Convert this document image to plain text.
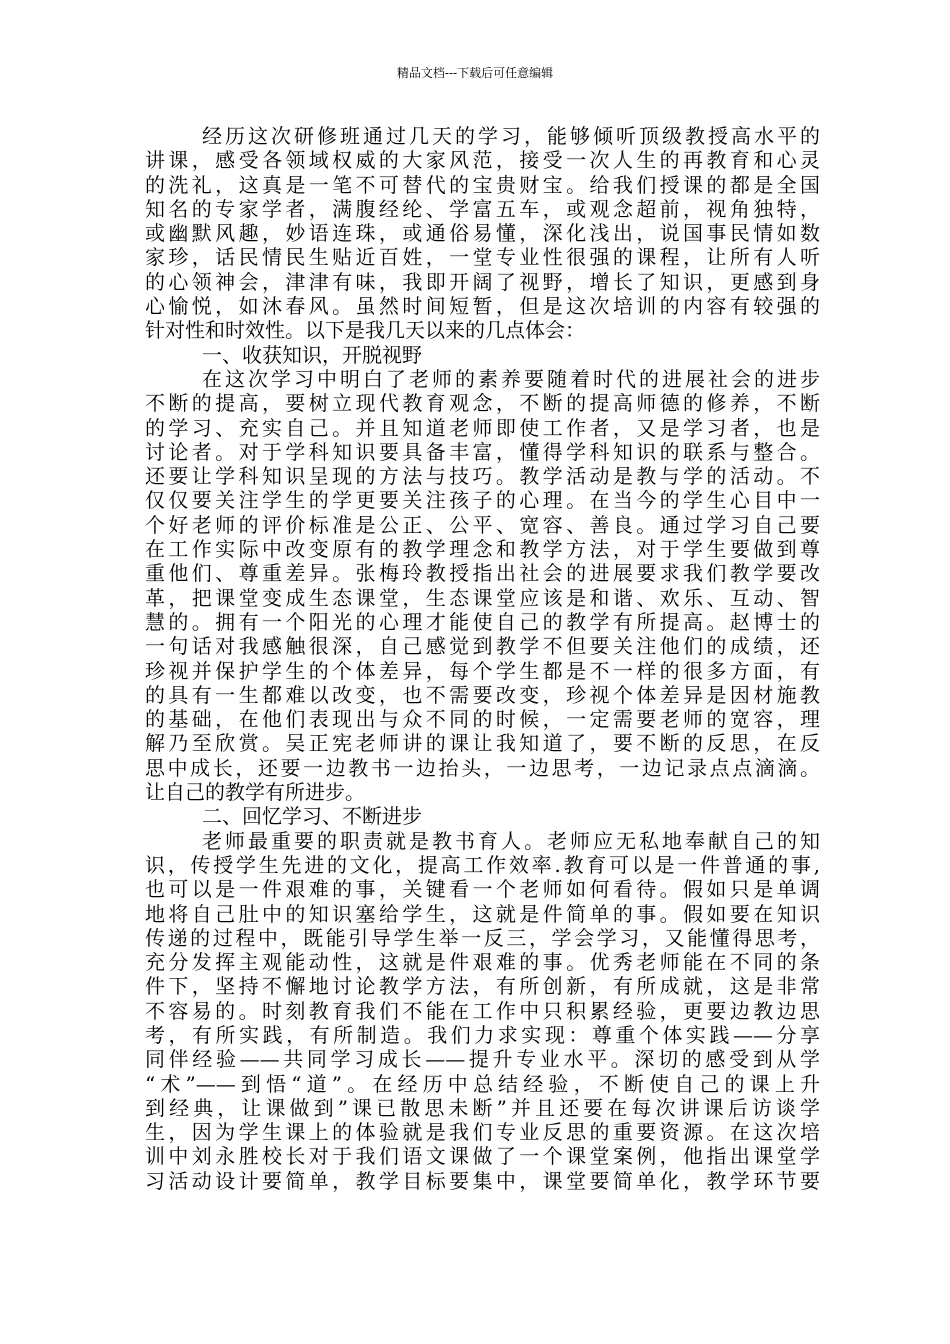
精品文档---下载后可任意编辑
经历这次研修班通过几天的学习，能够倾听顶级教授高水平的
讲课，感受各领域权威的大家风范，接受一次人生的再教育和心灵
的洗礼，这真是一笔不可替代的宝贵财宝。给我们授课的都是全国
知名的专家学者，满腹经纶、学富五车，或观念超前，视角独特，
或幽默风趣，妙语连珠，或通俗易懂，深化浅出，说国事民情如数
家珍，话民情民生贴近百姓，一堂专业性很强的课程，让所有人听
的心领神会，津津有味，我即开阔了视野，增长了知识，更感到身
心愉悦，如沐春风。虽然时间短暂，但是这次培训的内容有较强的
针对性和时效性。以下是我几天以来的几点体会：
一、收获知识，开脱视野
在这次学习中明白了老师的素养要随着时代的进展社会的进步
不断的提高，要树立现代教育观念，不断的提高师德的修养，不断
的学习、充实自己。并且知道老师即使工作者，又是学习者，也是
讨论者。对于学科知识要具备丰富，懂得学科知识的联系与整合。
还要让学科知识呈现的方法与技巧。教学活动是教与学的活动。不
仅仅要关注学生的学更要关注孩子的心理。在当今的学生心目中一
个好老师的评价标准是公正、公平、宽容、善良。通过学习自己要
在工作实际中改变原有的教学理念和教学方法，对于学生要做到尊
重他们、尊重差异。张梅玲教授指出社会的进展要求我们教学要改
革，把课堂变成生态课堂，生态课堂应该是和谐、欢乐、互动、智
慧的。拥有一个阳光的心理才能使自己的教学有所提高。赵博士的
一句话对我感触很深，自己感觉到教学不但要关注他们的成绩，还
珍视并保护学生的个体差异，每个学生都是不一样的很多方面，有
的具有一生都难以改变，也不需要改变，珍视个体差异是因材施教
的基础，在他们表现出与众不同的时候，一定需要老师的宽容，理
解乃至欣赏。吴正宪老师讲的课让我知道了，要不断的反思，在反
思中成长，还要一边教书一边抬头，一边思考，一边记录点点滴滴。
让自己的教学有所进步。
二、回忆学习、不断进步
老师最重要的职责就是教书育人。老师应无私地奉献自己的知
识，传授学生先进的文化，提高工作效率.教育可以是一件普通的事,
也可以是一件艰难的事，关键看一个老师如何看待。假如只是单调
地将自己肚中的知识塞给学生，这就是件简单的事。假如要在知识
传递的过程中，既能引导学生举一反三，学会学习，又能懂得思考，
充分发挥主观能动性，这就是件艰难的事。优秀老师能在不同的条
件下，坚持不懈地讨论教学方法，有所创新，有所成就，这是非常
不容易的。时刻教育我们不能在工作中只积累经验，更要边教边思
考，有所实践，有所制造。我们力求实现：尊重个体实践——分享
同伴经验——共同学习成长——提升专业水平。深切的感受到从学
“术”——到悟“道”。在经历中总结经验，不断使自己的课上升
到经典，让课做到”课已散思未断”并且还要在每次讲课后访谈学
生，因为学生课上的体验就是我们专业反思的重要资源。在这次培
训中刘永胜校长对于我们语文课做了一个课堂案例，他指出课堂学
习活动设计要简单，教学目标要集中，课堂要简单化，教学环节要
